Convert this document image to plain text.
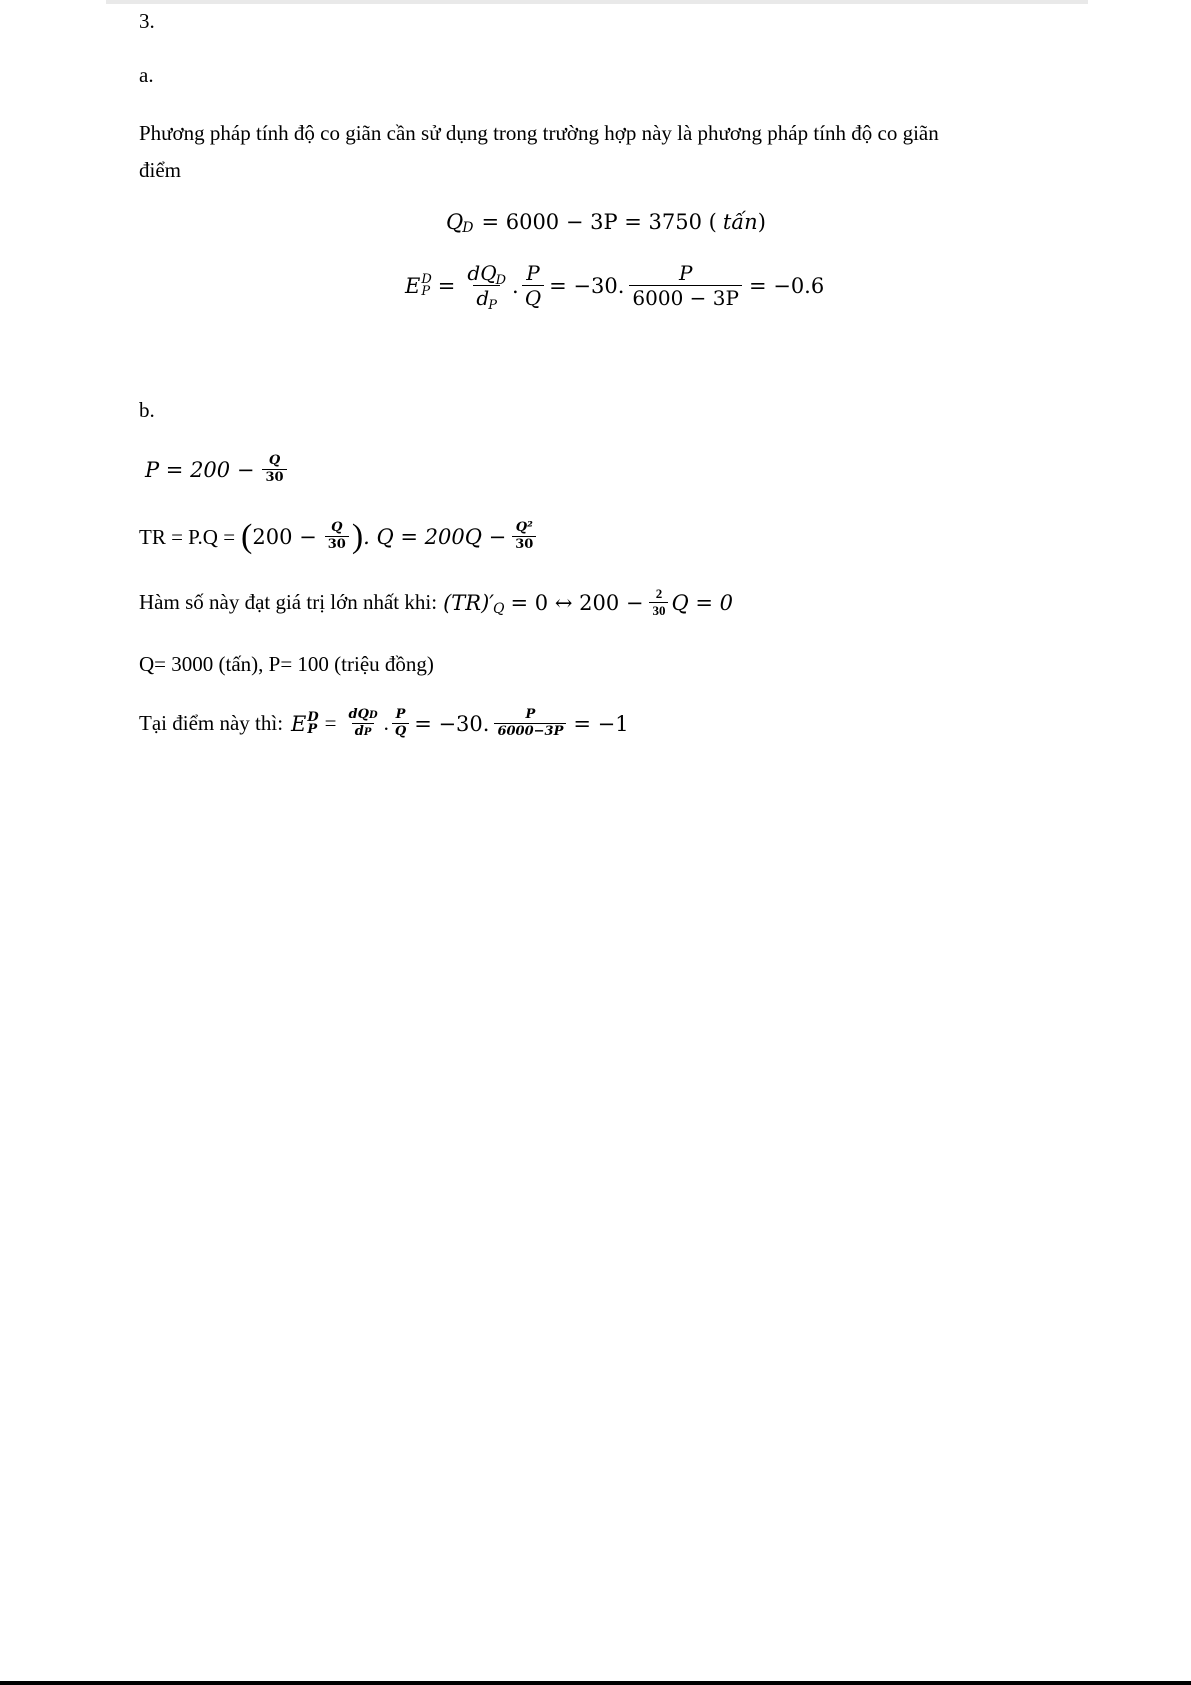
3.
a.
Phương pháp tính độ co giãn cần sử dụng trong trường hợp này là phương pháp tính độ co giãn
điểm
Q D = 6000 − 3P = 3750 ( tấn )
E D
$P = \frac{dQ_D}{d_P}$ . $\frac{P}{Q} = -30$. $\frac{P}{6000 - 3P} = -0.6$
b.
$P = 200 - \frac{Q}{30}$
TR = P.Q = ( $200 - \frac{Q}{30}$ ) . $Q = 200Q - \frac{\text{Q²}}{30}$
Hàm số này đạt giá trị lớn nhất khi: (TR)′ Q = 0 ↔ $200 - \frac{2}{30}$ Q = 0
Q= 3000 (tấn), P= 100 (triệu đồng)
Tại điểm này thì: E D
$P = \frac{\text{dQD}}{dP}$ . $\frac{P}{Q} = -30$. $\frac{P}{6000-3P} = -1$
